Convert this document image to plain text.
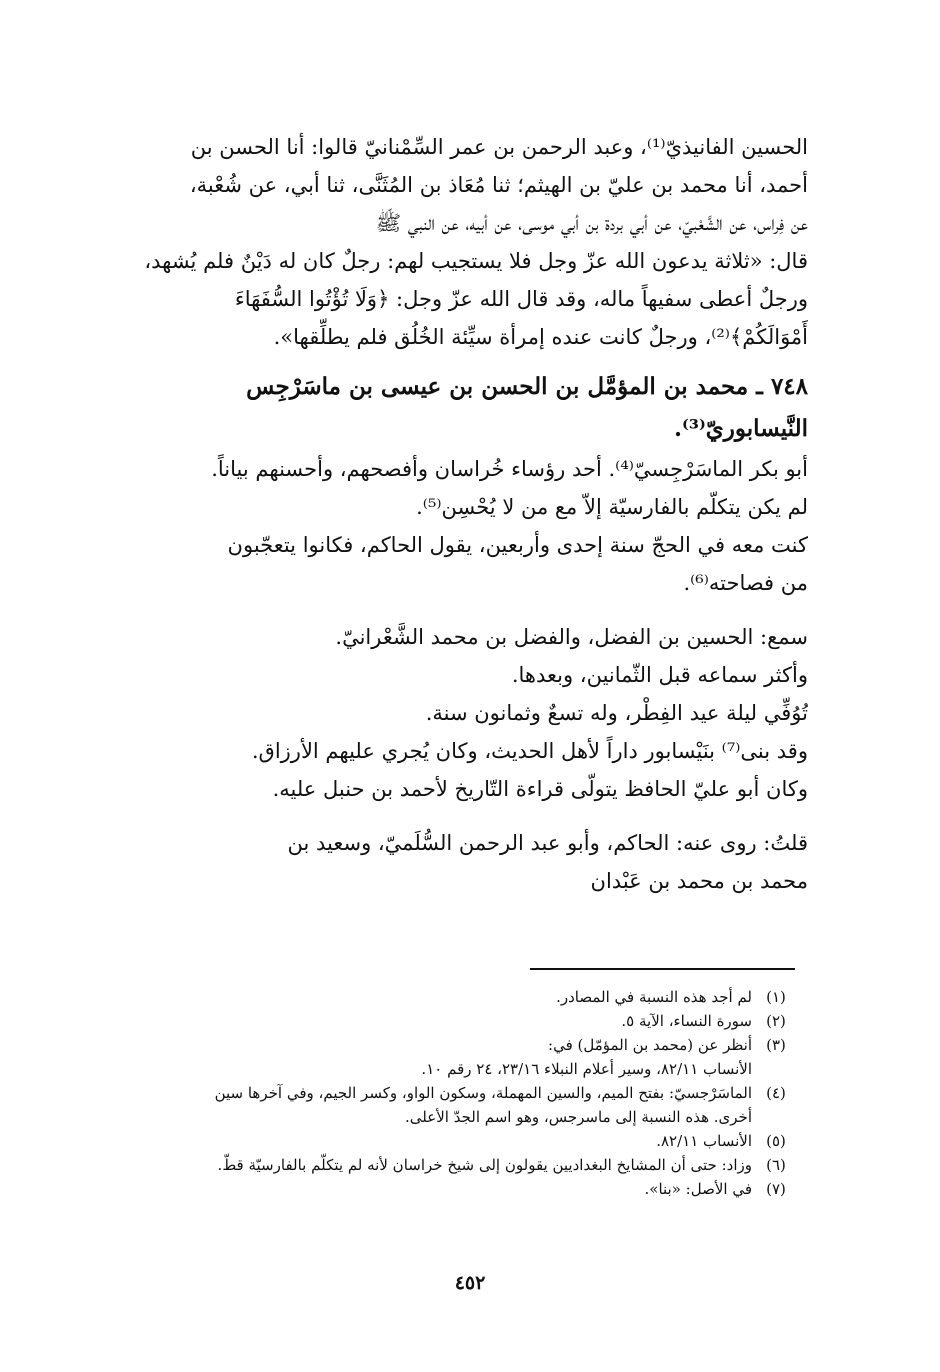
الحسين الفانيذيّ⁽¹⁾، وعبد الرحمن بن عمر السِّمْنانيّ قالوا: أنا الحسن بن
أحمد، أنا محمد بن عليّ بن الهيثم؛ ثنا مُعَاذ بن المُثَنَّى، ثنا أبي، عن شُعْبة،
عن فِراس، عن الشَّعْبيّ، عن أبي بردة بن أبي موسى، عن أبيه، عن النبي ﷺ
قال: «ثلاثة يدعون الله عزّ وجل فلا يستجيب لهم: رجلٌ كان له دَيْنٌ فلم يُشهد،
ورجلٌ أعطى سفيهاً ماله، وقد قال الله عزّ وجل: ﴿وَلَا تُؤْتُوا السُّفَهَاءَ
أَمْوَالَكُمْ﴾⁽²⁾، ورجلٌ كانت عنده إمرأة سيِّئة الخُلُق فلم يطلِّقها».
٧٤٨ ـ محمد بن المؤمَّل بن الحسن بن عيسى بن ماسَرْجِس
النَّيسابوريّ⁽³⁾.
أبو بكر الماسَرْجِسيّ⁽⁴⁾. أحد رؤساء خُراسان وأفصحهم، وأحسنهم بياناً.
لم يكن يتكلّم بالفارسيّة إلاّ مع من لا يُحْسِن⁽⁵⁾.
كنت معه في الحجّ سنة إحدى وأربعين، يقول الحاكم، فكانوا يتعجّبون
من فصاحته⁽⁶⁾.
سمع: الحسين بن الفضل، والفضل بن محمد الشَّعْرانيّ.
وأكثر سماعه قبل الثّمانين، وبعدها.
تُوُفِّي ليلة عيد الفِطْر، وله تسعٌ وثمانون سنة.
وقد بنى⁽⁷⁾ بنَيْسابور داراً لأهل الحديث، وكان يُجري عليهم الأرزاق.
وكان أبو عليّ الحافظ يتولّى قراءة التّاريخ لأحمد بن حنبل عليه.
قلتُ: روى عنه: الحاكم، وأبو عبد الرحمن السُّلَميّ، وسعيد بن
محمد بن محمد بن عَبْدان
(١)
لم أجد هذه النسبة في المصادر.
(٢)
سورة النساء، الآية ٥.
(٣)
أنظر عن (محمد بن المؤمّل) في:
الأنساب ٨٢/١١، وسير أعلام النبلاء ٢٣/١٦، ٢٤ رقم ١٠.
(٤)
الماسَرْجسيّ: بفتح الميم، والسين المهملة، وسكون الواو، وكسر الجيم، وفي آخرها سين
أخرى. هذه النسبة إلى ماسرجس، وهو اسم الجدّ الأعلى.
(٥)
الأنساب ٨٢/١١.
(٦)
وزاد: حتى أن المشايخ البغداديين يقولون إلى شيخ خراسان لأنه لم يتكلّم بالفارسيّة قطّ.
(٧)
في الأصل: «بنا».
٤٥٢
